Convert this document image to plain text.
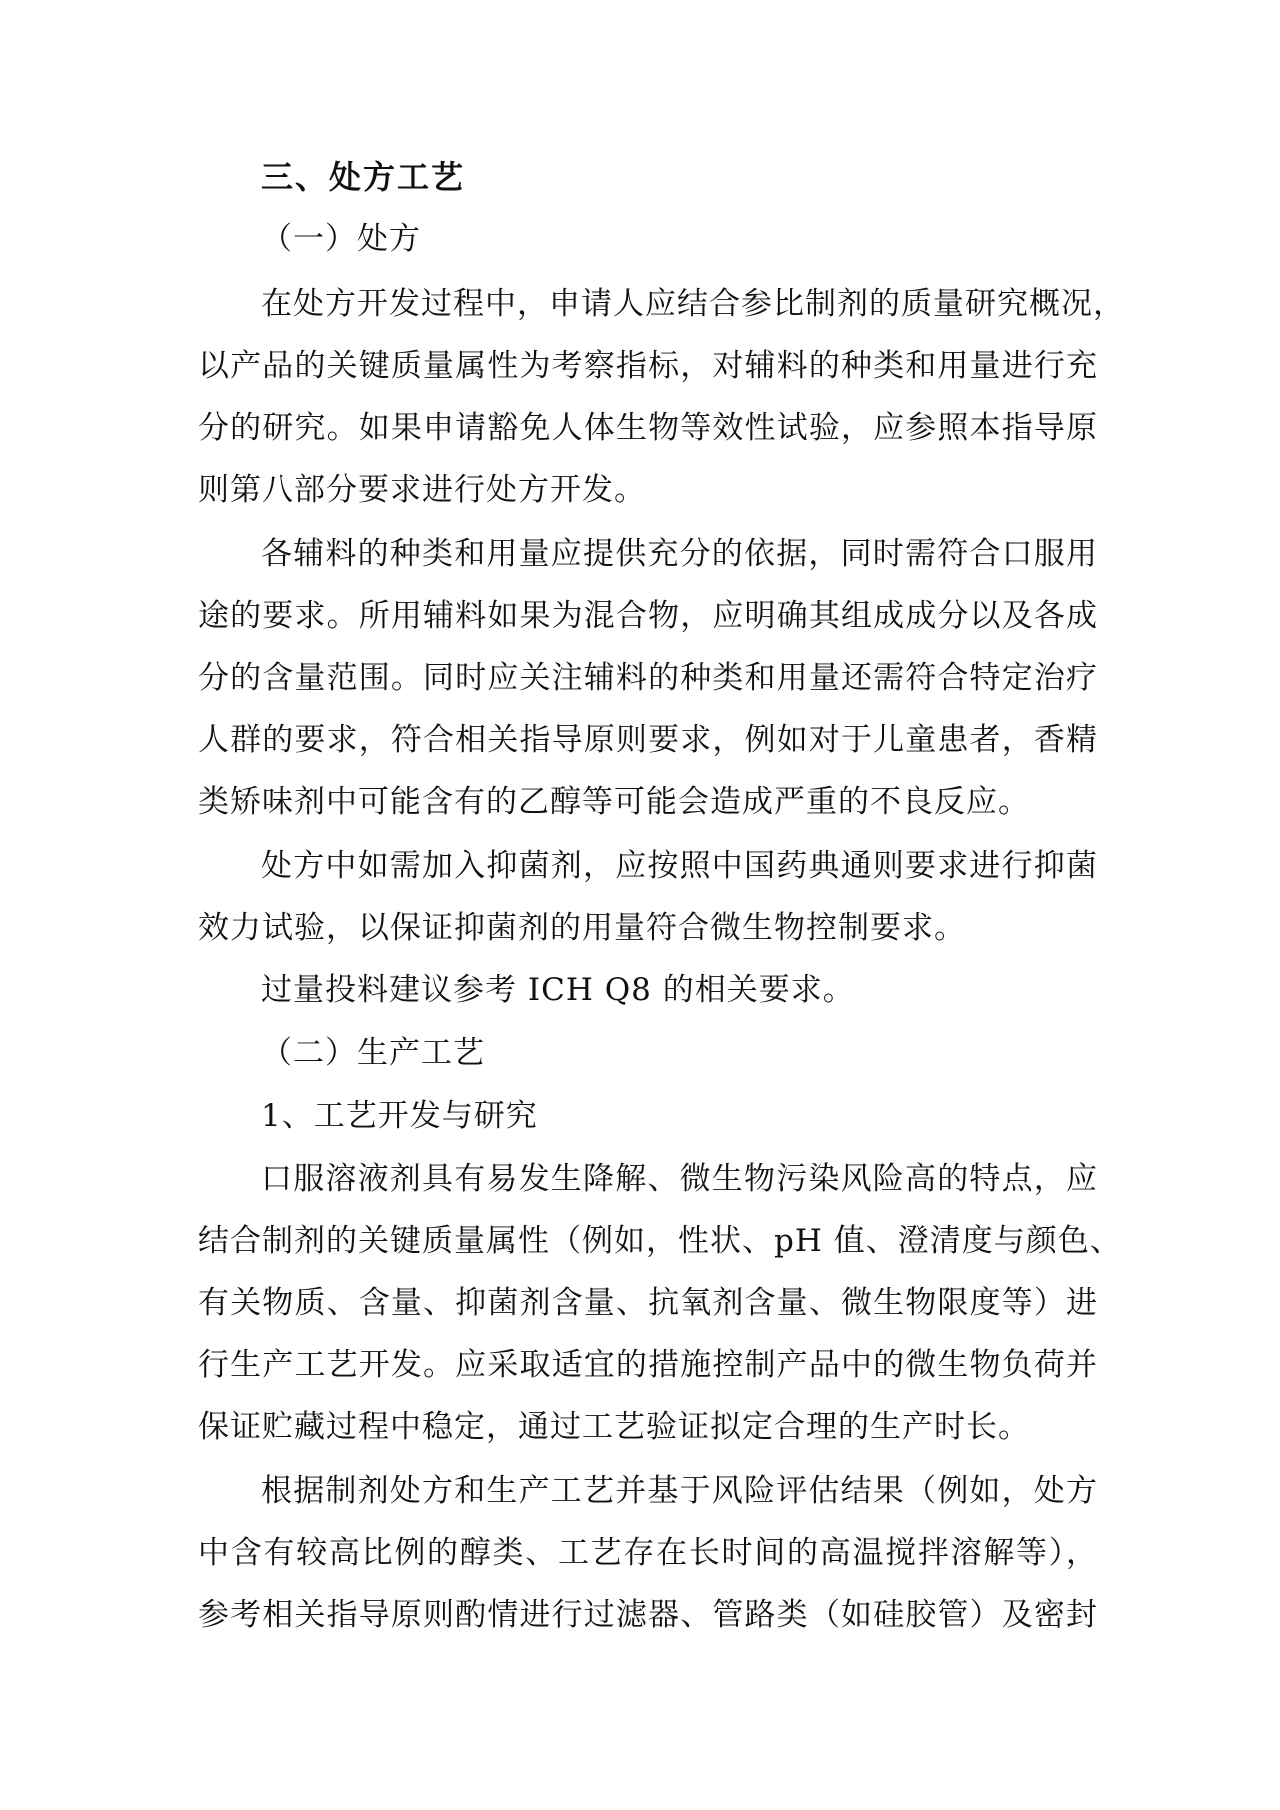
三、处方工艺
（一）处方
在处方开发过程中，申请人应结合参比制剂的质量研究概况，
以产品的关键质量属性为考察指标，对辅料的种类和用量进行充
分的研究。如果申请豁免人体生物等效性试验，应参照本指导原
则第八部分要求进行处方开发。
各辅料的种类和用量应提供充分的依据，同时需符合口服用
途的要求。所用辅料如果为混合物，应明确其组成成分以及各成
分的含量范围。同时应关注辅料的种类和用量还需符合特定治疗
人群的要求，符合相关指导原则要求，例如对于儿童患者，香精
类矫味剂中可能含有的乙醇等可能会造成严重的不良反应。
处方中如需加入抑菌剂，应按照中国药典通则要求进行抑菌
效力试验，以保证抑菌剂的用量符合微生物控制要求。
过量投料建议参考 ICH Q8 的相关要求。
（二）生产工艺
1、工艺开发与研究
口服溶液剂具有易发生降解、微生物污染风险高的特点，应
结合制剂的关键质量属性（例如，性状、pH 值、澄清度与颜色、
有关物质、含量、抑菌剂含量、抗氧剂含量、微生物限度等）进
行生产工艺开发。应采取适宜的措施控制产品中的微生物负荷并
保证贮藏过程中稳定，通过工艺验证拟定合理的生产时长。
根据制剂处方和生产工艺并基于风险评估结果（例如，处方
中含有较高比例的醇类、工艺存在长时间的高温搅拌溶解等），
参考相关指导原则酌情进行过滤器、管路类（如硅胶管）及密封
